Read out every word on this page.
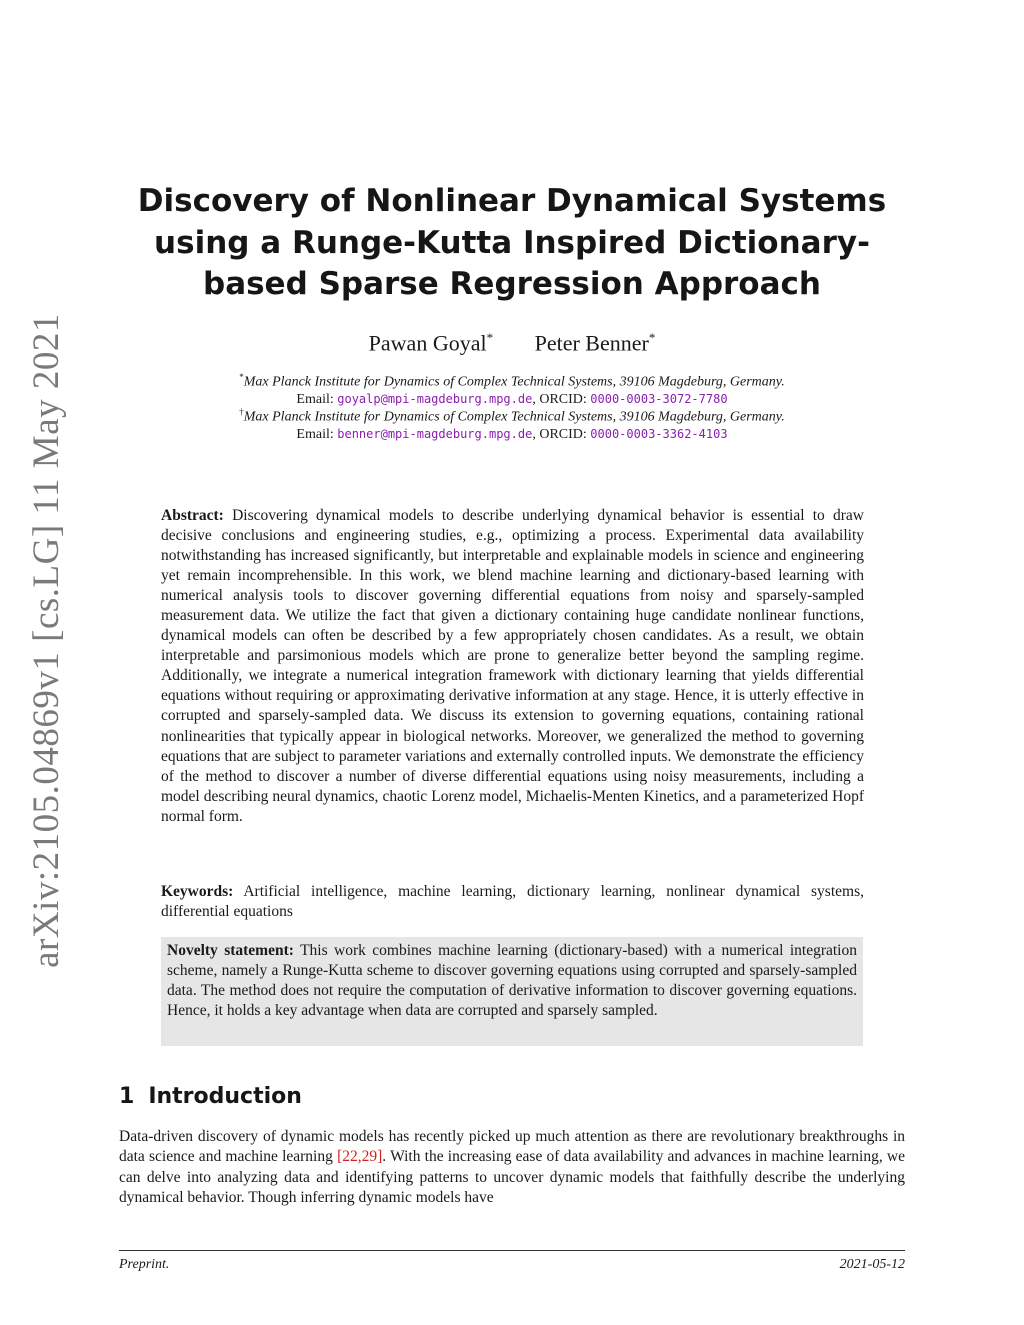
arXiv:2105.04869v1 [cs.LG] 11 May 2021
Discovery of Nonlinear Dynamical Systems using a Runge-Kutta Inspired Dictionary-based Sparse Regression Approach
Pawan Goyal* Peter Benner*
*Max Planck Institute for Dynamics of Complex Technical Systems, 39106 Magdeburg, Germany.
Email: goyalp@mpi-magdeburg.mpg.de, ORCID: 0000-0003-3072-7780
†Max Planck Institute for Dynamics of Complex Technical Systems, 39106 Magdeburg, Germany.
Email: benner@mpi-magdeburg.mpg.de, ORCID: 0000-0003-3362-4103

Abstract: Discovering dynamical models to describe underlying dynamical behavior is essential to draw decisive conclusions and engineering studies, e.g., optimizing a process. Experimental data availability notwithstanding has increased significantly, but interpretable and explainable models in science and engineering yet remain incomprehensible. In this work, we blend machine learning and dictionary-based learning with numerical analysis tools to discover governing differential equations from noisy and sparsely-sampled measurement data. We utilize the fact that given a dictionary containing huge candidate nonlinear functions, dynamical models can often be described by a few appropriately chosen candidates. As a result, we obtain interpretable and parsimonious models which are prone to generalize better beyond the sampling regime. Additionally, we integrate a numerical integration framework with dictionary learning that yields differential equations without requiring or approximating derivative information at any stage. Hence, it is utterly effective in corrupted and sparsely-sampled data. We discuss its extension to governing equations, containing rational nonlinearities that typically appear in biological networks. Moreover, we generalized the method to governing equations that are subject to parameter variations and externally controlled inputs. We demonstrate the efficiency of the method to discover a number of diverse differential equations using noisy measurements, including a model describing neural dynamics, chaotic Lorenz model, Michaelis-Menten Kinetics, and a parameterized Hopf normal form.

Keywords: Artificial intelligence, machine learning, dictionary learning, nonlinear dynamical systems, differential equations

Novelty statement: This work combines machine learning (dictionary-based) with a numerical integration scheme, namely a Runge-Kutta scheme to discover governing equations using corrupted and sparsely-sampled data. The method does not require the computation of derivative information to discover governing equations. Hence, it holds a key advantage when data are corrupted and sparsely sampled.

1 Introduction

Data-driven discovery of dynamic models has recently picked up much attention as there are revolutionary breakthroughs in data science and machine learning [22,29]. With the increasing ease of data availability and advances in machine learning, we can delve into analyzing data and identifying patterns to uncover dynamic models that faithfully describe the underlying dynamical behavior. Though inferring dynamic models have

Preprint.	2021-05-12
